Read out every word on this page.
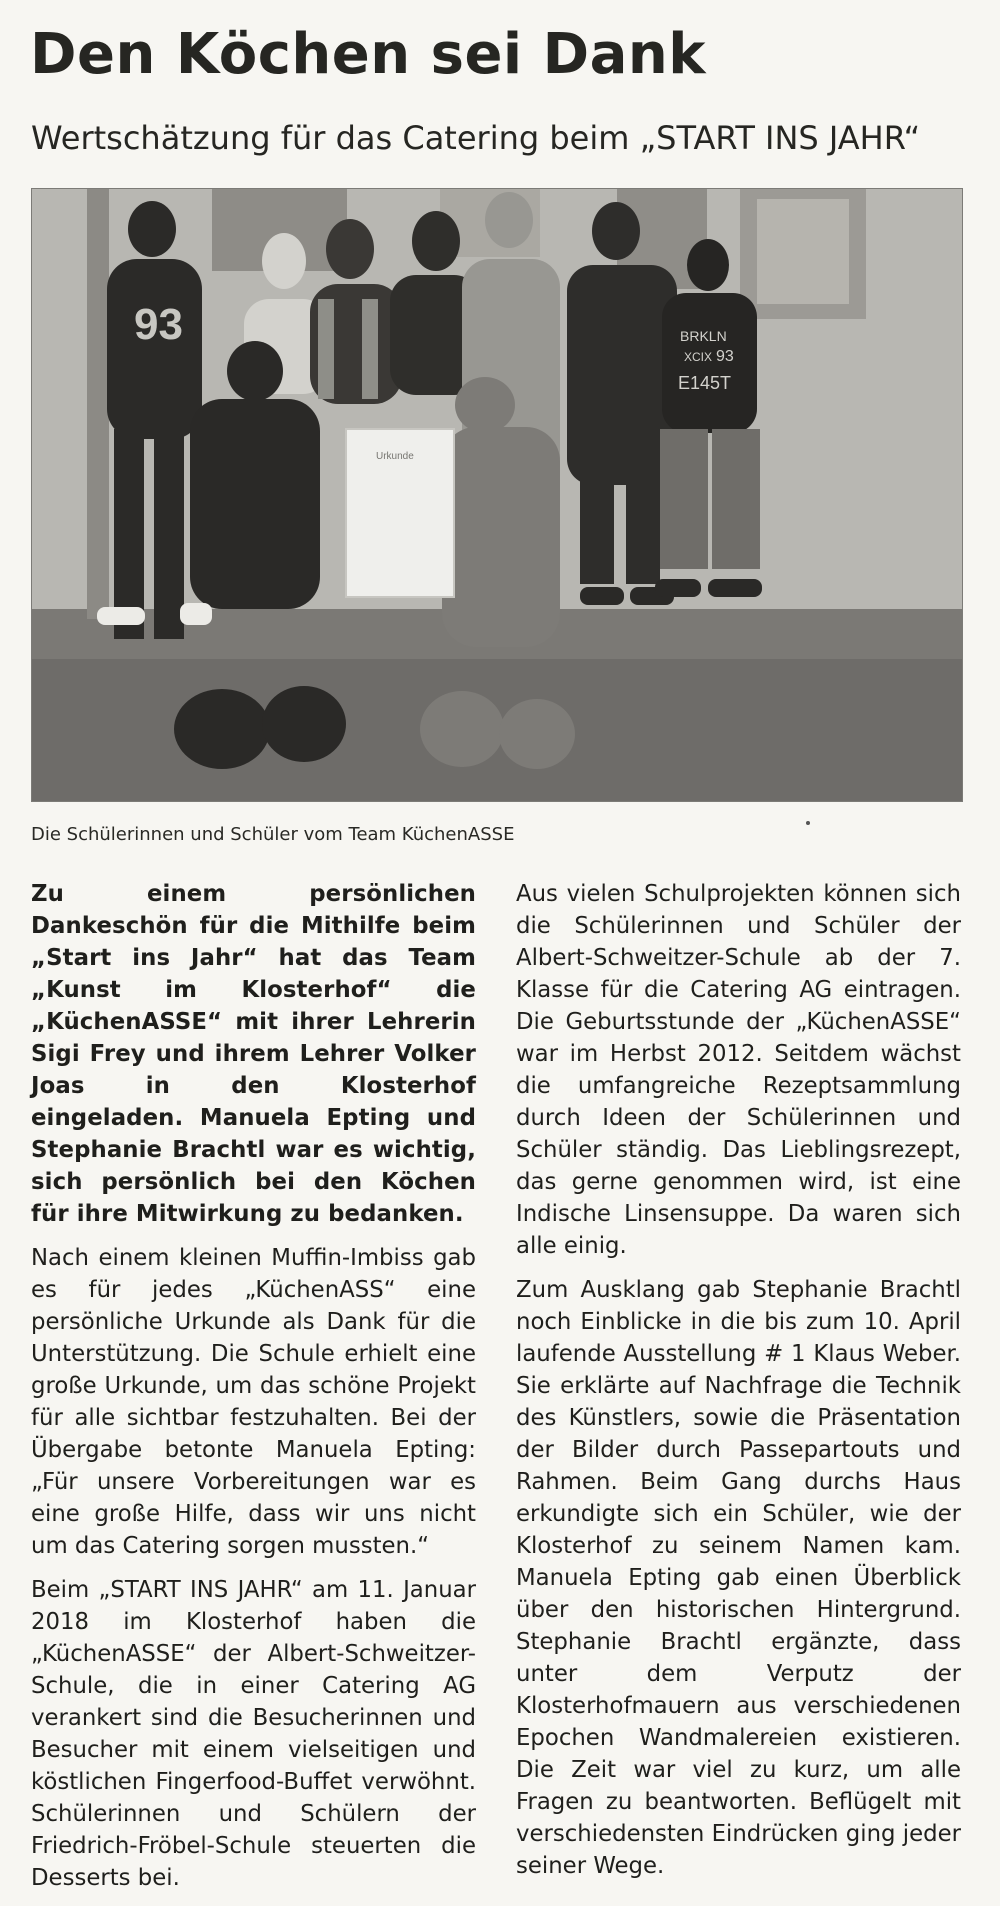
Den Köchen sei Dank
Wertschätzung für das Catering beim „START INS JAHR“
93	BRKLN
XCIX 93
E145T
Urkunde

Die Schülerinnen und Schüler vom Team KüchenASSE

Zu einem persönlichen Dankeschön für die Mithilfe beim „Start ins Jahr“ hat das Team „Kunst im Klosterhof“ die „KüchenASSE“ mit ihrer Lehrerin Sigi Frey und ihrem Lehrer Volker Joas in den Klosterhof eingeladen. Manuela Epting und Stephanie Brachtl war es wichtig, sich persönlich bei den Köchen für ihre Mitwirkung zu bedanken.

Nach einem kleinen Muffin-Imbiss gab es für jedes „KüchenASS“ eine persönliche Urkunde als Dank für die Unterstützung. Die Schule erhielt eine große Urkunde, um das schöne Projekt für alle sichtbar festzuhalten. Bei der Übergabe betonte Manuela Epting: „Für unsere Vorbereitungen war es eine große Hilfe, dass wir uns nicht um das Catering sorgen mussten.“

Beim „START INS JAHR“ am 11. Januar 2018 im Klosterhof haben die „KüchenASSE“ der Albert-Schweitzer-Schule, die in einer Catering AG verankert sind die Besucherinnen und Besucher mit einem vielseitigen und köstlichen Fingerfood-Buffet verwöhnt. Schülerinnen und Schülern der Friedrich-Fröbel-Schule steuerten die Desserts bei.

Aus vielen Schulprojekten können sich die Schülerinnen und Schüler der Albert-Schweitzer-Schule ab der 7. Klasse für die Catering AG eintragen. Die Geburtsstunde der „KüchenASSE“ war im Herbst 2012. Seitdem wächst die umfangreiche Rezeptsammlung durch Ideen der Schülerinnen und Schüler ständig. Das Lieblingsrezept, das gerne genommen wird, ist eine Indische Linsensuppe. Da waren sich alle einig.

Zum Ausklang gab Stephanie Brachtl noch Einblicke in die bis zum 10. April laufende Ausstellung # 1 Klaus Weber. Sie erklärte auf Nachfrage die Technik des Künstlers, sowie die Präsentation der Bilder durch Passepartouts und Rahmen. Beim Gang durchs Haus erkundigte sich ein Schüler, wie der Klosterhof zu seinem Namen kam. Manuela Epting gab einen Überblick über den historischen Hintergrund. Stephanie Brachtl ergänzte, dass unter dem Verputz der Klosterhofmauern aus verschiedenen Epochen Wandmalereien existieren. Die Zeit war viel zu kurz, um alle Fragen zu beantworten. Beflügelt mit verschiedensten Eindrücken ging jeder seiner Wege.
